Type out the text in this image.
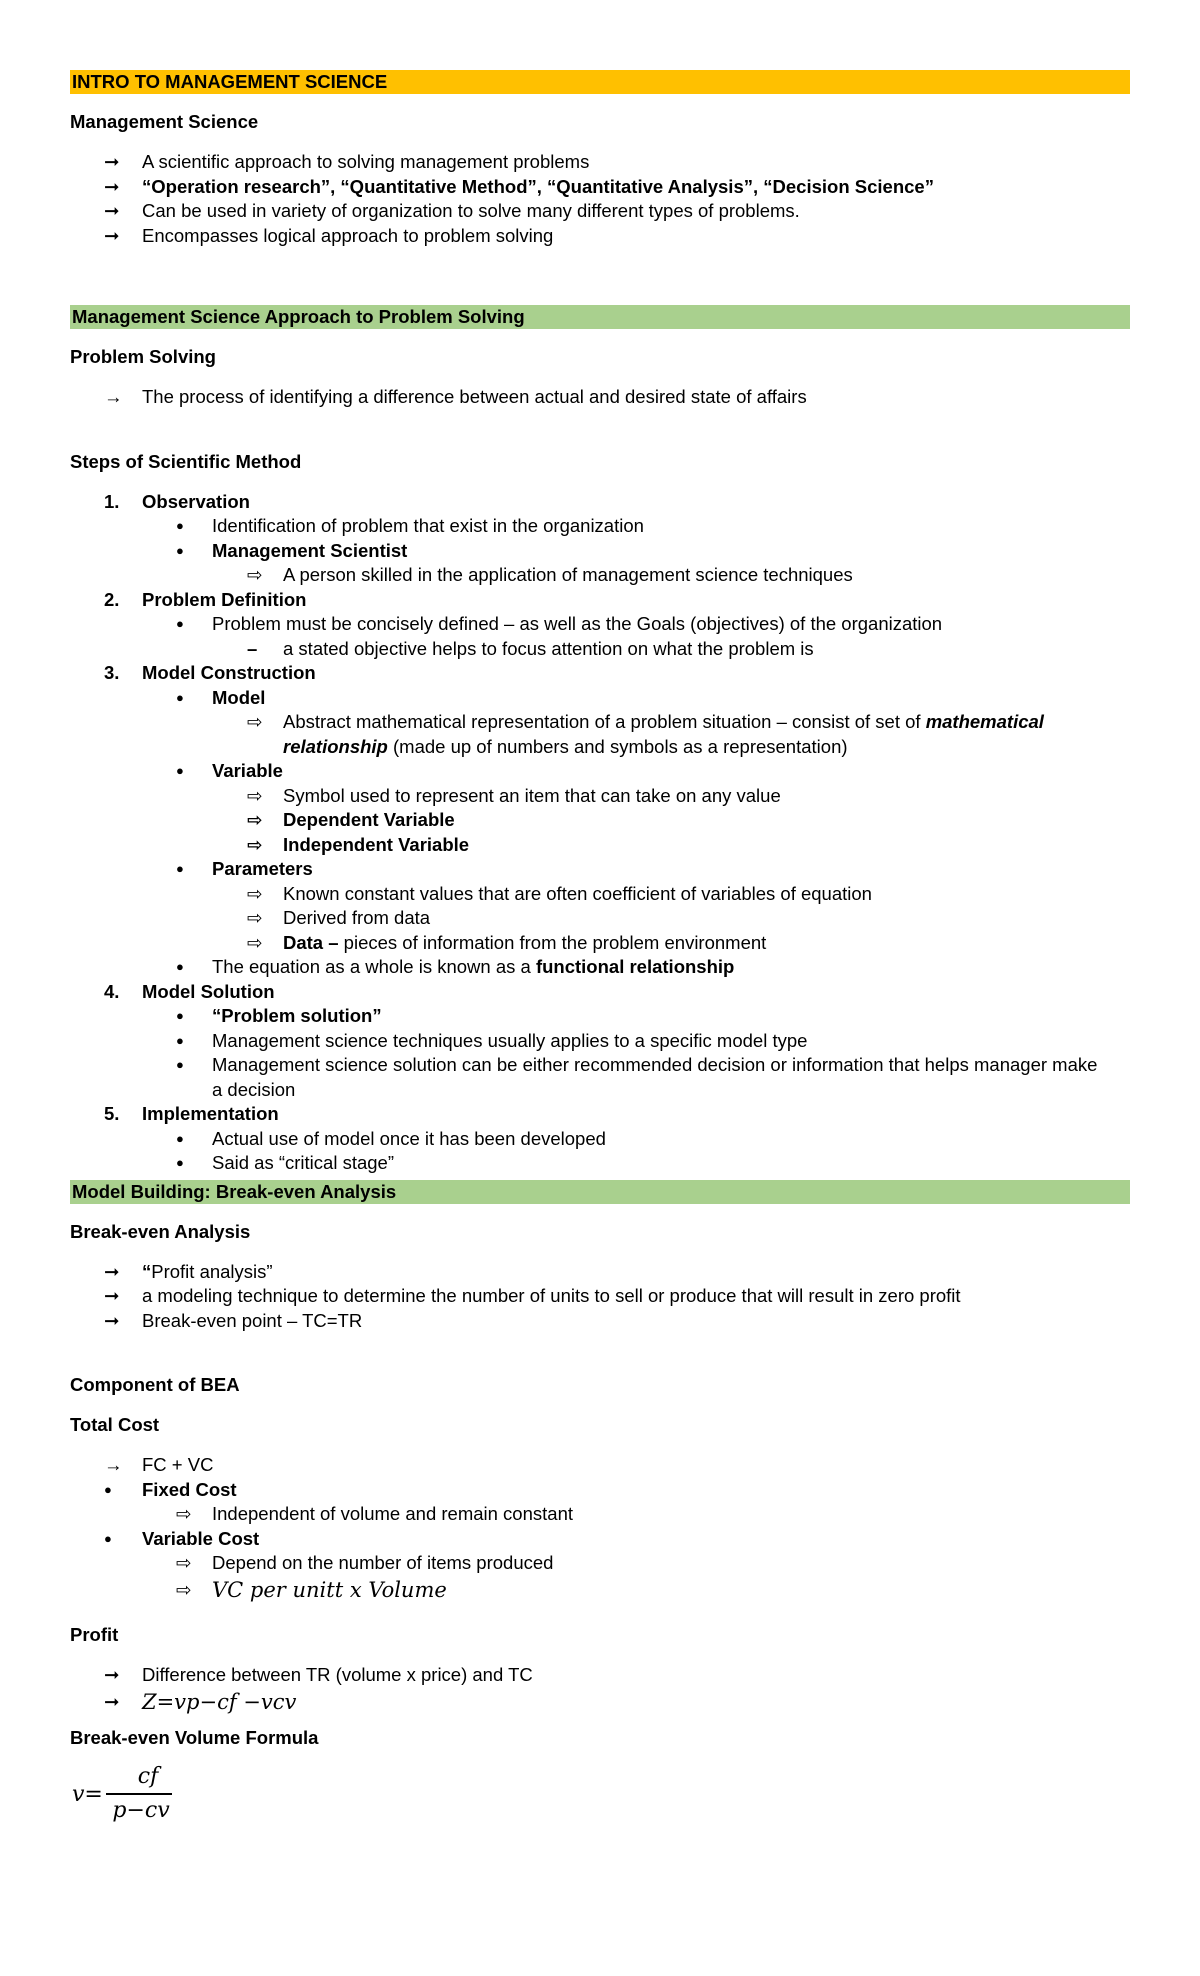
INTRO TO MANAGEMENT SCIENCE
Management Science
➞	A scientific approach to solving management problems
➞	“Operation research”, “Quantitative Method”, “Quantitative Analysis”, “Decision Science”
➞	Can be used in variety of organization to solve many different types of problems.
➞	Encompasses logical approach to problem solving
Management Science Approach to Problem Solving
Problem Solving
→ The process of identifying a difference between actual and desired state of affairs
Steps of Scientific Method
1.	Observation
●	Identification of problem that exist in the organization
●	Management Scientist
⇨	A person skilled in the application of management science techniques
2.	Problem Definition
●	Problem must be concisely defined – as well as the Goals (objectives) of the organization
–	a stated objective helps to focus attention on what the problem is
3.	Model Construction
●	Model
⇨	Abstract mathematical representation of a problem situation – consist of set of mathematical relationship (made up of numbers and symbols as a representation)
●	Variable
⇨	Symbol used to represent an item that can take on any value
⇨	Dependent Variable
⇨	Independent Variable
●	Parameters
⇨	Known constant values that are often coefficient of variables of equation
⇨	Derived from data
⇨	Data – pieces of information from the problem environment
●	The equation as a whole is known as a functional relationship
4.	Model Solution
●	“Problem solution”
●	Management science techniques usually applies to a specific model type
●	Management science solution can be either recommended decision or information that helps manager make a decision
5.	Implementation
●	Actual use of model once it has been developed
●	Said as “critical stage”
Model Building: Break-even Analysis
Break-even Analysis
➞	“Profit analysis”
➞	a modeling technique to determine the number of units to sell or produce that will result in zero profit
➞	Break-even point – TC=TR
Component of BEA
Total Cost
→ FC + VC
●	Fixed Cost
⇨	Independent of volume and remain constant
●	Variable Cost
⇨	Depend on the number of items produced
⇨ VC per unitt x Volume
Profit
➞	Difference between TR (volume x price) and TC
➞	Z=vp−cf −vcv
Break-even Volume Formula
v=
cf
p−cv
